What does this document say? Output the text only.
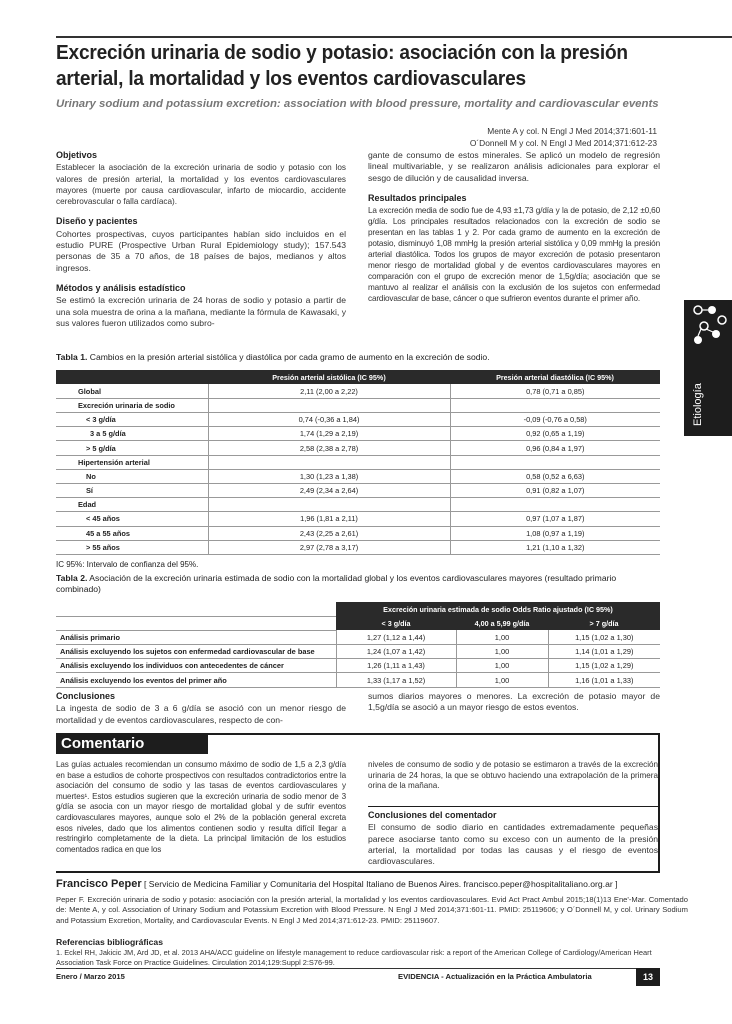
Excreción urinaria de sodio y potasio: asociación con la presión arterial, la mortalidad y los eventos cardiovasculares
Urinary sodium and potassium excretion: association with blood pressure, mortality and cardiovascular events
Mente A y col. N Engl J Med 2014;371:601-11
O´Donnell M y col. N Engl J Med 2014;371:612-23
Objetivos
Establecer la asociación de la excreción urinaria de sodio y potasio con los valores de presión arterial, la mortalidad y los eventos cardiovasculares mayores (muerte por causa cardiovascular, infarto de miocardio, accidente cerebrovascular o falla cardíaca).
Diseño y pacientes
Cohortes prospectivas, cuyos participantes habían sido incluidos en el estudio PURE (Prospective Urban Rural Epidemiology study); 157.543 personas de 35 a 70 años, de 18 países de bajos, medianos y altos ingresos.
Métodos y análisis estadístico
Se estimó la excreción urinaria de 24 horas de sodio y potasio a partir de una sola muestra de orina a la mañana, mediante la fórmula de Kawasaki, y sus valores fueron utilizados como subro-
gante de consumo de estos minerales. Se aplicó un modelo de regresión lineal multivariable, y se realizaron análisis adicionales para explorar el sesgo de dilución y de causalidad inversa.
Resultados principales
La excreción media de sodio fue de 4,93 ±1,73 g/día y la de potasio, de 2,12 ±0,60 g/día. Los principales resultados relacionados con la excreción de sodio se presentan en las tablas 1 y 2. Por cada gramo de aumento en la excreción de potasio, disminuyó 1,08 mmHg la presión arterial sistólica y 0,09 mmHg la presión arterial diastólica. Todos los grupos de mayor excreción de potasio presentaron menor riesgo de mortalidad global y de eventos cardiovasculares mayores en comparación con el grupo de excreción menor de 1,5g/día; asociación que se mantuvo al realizar el análisis con la exclusión de los sujetos con enfermedad cardiovascular de base, cáncer o que sufrieron eventos durante el primer año.
Etiología
Tabla 1. Cambios en la presión arterial sistólica y diastólica por cada gramo de aumento en la excreción de sodio.
	Presión arterial sistólica (IC 95%)	Presión arterial diastólica (IC 95%)
Global	2,11 (2,00 a 2,22)	0,78 (0,71 a 0,85)
Excreción urinaria de sodio		
< 3 g/día	0,74 (-0,36 a 1,84)	-0,09 (-0,76 a 0,58)
3 a 5 g/día	1,74 (1,29 a 2,19)	0,92 (0,65 a 1,19)
> 5 g/día	2,58 (2,38 a 2,78)	0,96 (0,84 a 1,97)
Hipertensión arterial		
No	1,30 (1,23 a 1,38)	0,58 (0,52 a 6,63)
Sí	2,49 (2,34 a 2,64)	0,91 (0,82 a 1,07)
Edad		
< 45 años	1,96 (1,81 a 2,11)	0,97 (1,07 a 1,87)
45 a 55 años	2,43 (2,25 a 2,61)	1,08 (0,97 a 1,19)
> 55 años	2,97 (2,78 a 3,17)	1,21 (1,10 a 1,32)
IC 95%: Intervalo de confianza del 95%.
Tabla 2. Asociación de la excreción urinaria estimada de sodio con la mortalidad global y los eventos cardiovasculares mayores (resultado primario combinado)
	Excreción urinaria estimada de sodio Odds Ratio ajustado (IC 95%)		
	< 3 g/día	4,00 a 5,99 g/día	> 7 g/día
Análisis primario	1,27 (1,12 a 1,44)	1,00	1,15 (1,02 a 1,30)
Análisis excluyendo los sujetos con enfermedad cardiovascular de base	1,24 (1,07 a 1,42)	1,00	1,14 (1,01 a 1,29)
Análisis excluyendo los individuos con antecedentes de cáncer	1,26 (1,11 a 1,43)	1,00	1,15 (1,02 a 1,29)
Análisis excluyendo los eventos del primer año	1,33 (1,17 a 1,52)	1,00	1,16 (1,01 a 1,33)
Conclusiones
La ingesta de sodio de 3 a 6 g/día se asoció con un menor riesgo de mortalidad y de eventos cardiovasculares, respecto de con-
sumos diarios mayores o menores. La excreción de potasio mayor de 1,5g/día se asoció a un mayor riesgo de estos eventos.
Comentario
Las guías actuales recomiendan un consumo máximo de sodio de 1,5 a 2,3 g/día en base a estudios de cohorte prospectivos con resultados contradictorios entre la asociación del consumo de sodio y las tasas de eventos cardiovasculares y muertes¹. Estos estudios sugieren que la excreción urinaria de sodio menor de 3 g/día se asocia con un mayor riesgo de mortalidad global y de sufrir eventos cardiovasculares mayores, aunque solo el 2% de la población general excreta esos niveles, dado que los alimentos contienen sodio y resulta difícil llegar a restringirlo completamente de la dieta. La principal limitación de los estudios comentados radica en que los
niveles de consumo de sodio y de potasio se estimaron a través de la excreción urinaria de 24 horas, la que se obtuvo haciendo una extrapolación de la primera orina de la mañana.
Conclusiones del comentador
El consumo de sodio diario en cantidades extremadamente pequeñas parece asociarse tanto como su exceso con un aumento de la presión arterial, la mortalidad por todas las causas y el riesgo de eventos cardiovasculares.
Francisco Peper [ Servicio de Medicina Familiar y Comunitaria del Hospital Italiano de Buenos Aires. francisco.peper@hospitalitaliano.org.ar ]
Peper F. Excreción urinaria de sodio y potasio: asociación con la presión arterial, la mortalidad y los eventos cardiovasculares. Evid Act Pract Ambul 2015;18(1)13 Ene'-Mar. Comentado de: Mente A, y col. Association of Urinary Sodium and Potassium Excretion with Blood Pressure. N Engl J Med 2014;371:601-11. PMID: 25119606; y O´Donnell M, y col. Urinary Sodium and Potassium Excretion, Mortality, and Cardiovascular Events. N Engl J Med 2014;371:612-23. PMID: 25119607.
Referencias bibliográficas
1. Eckel RH, Jakicic JM, Ard JD, et al. 2013 AHA/ACC guideline on lifestyle management to reduce cardiovascular risk: a report of the American College of Cardiology/American Heart Association Task Force on Practice Guidelines. Circulation 2014;129:Suppl 2:S76-99.
Enero / Marzo 2015	EVIDENCIA - Actualización en la Práctica Ambulatoria	13
